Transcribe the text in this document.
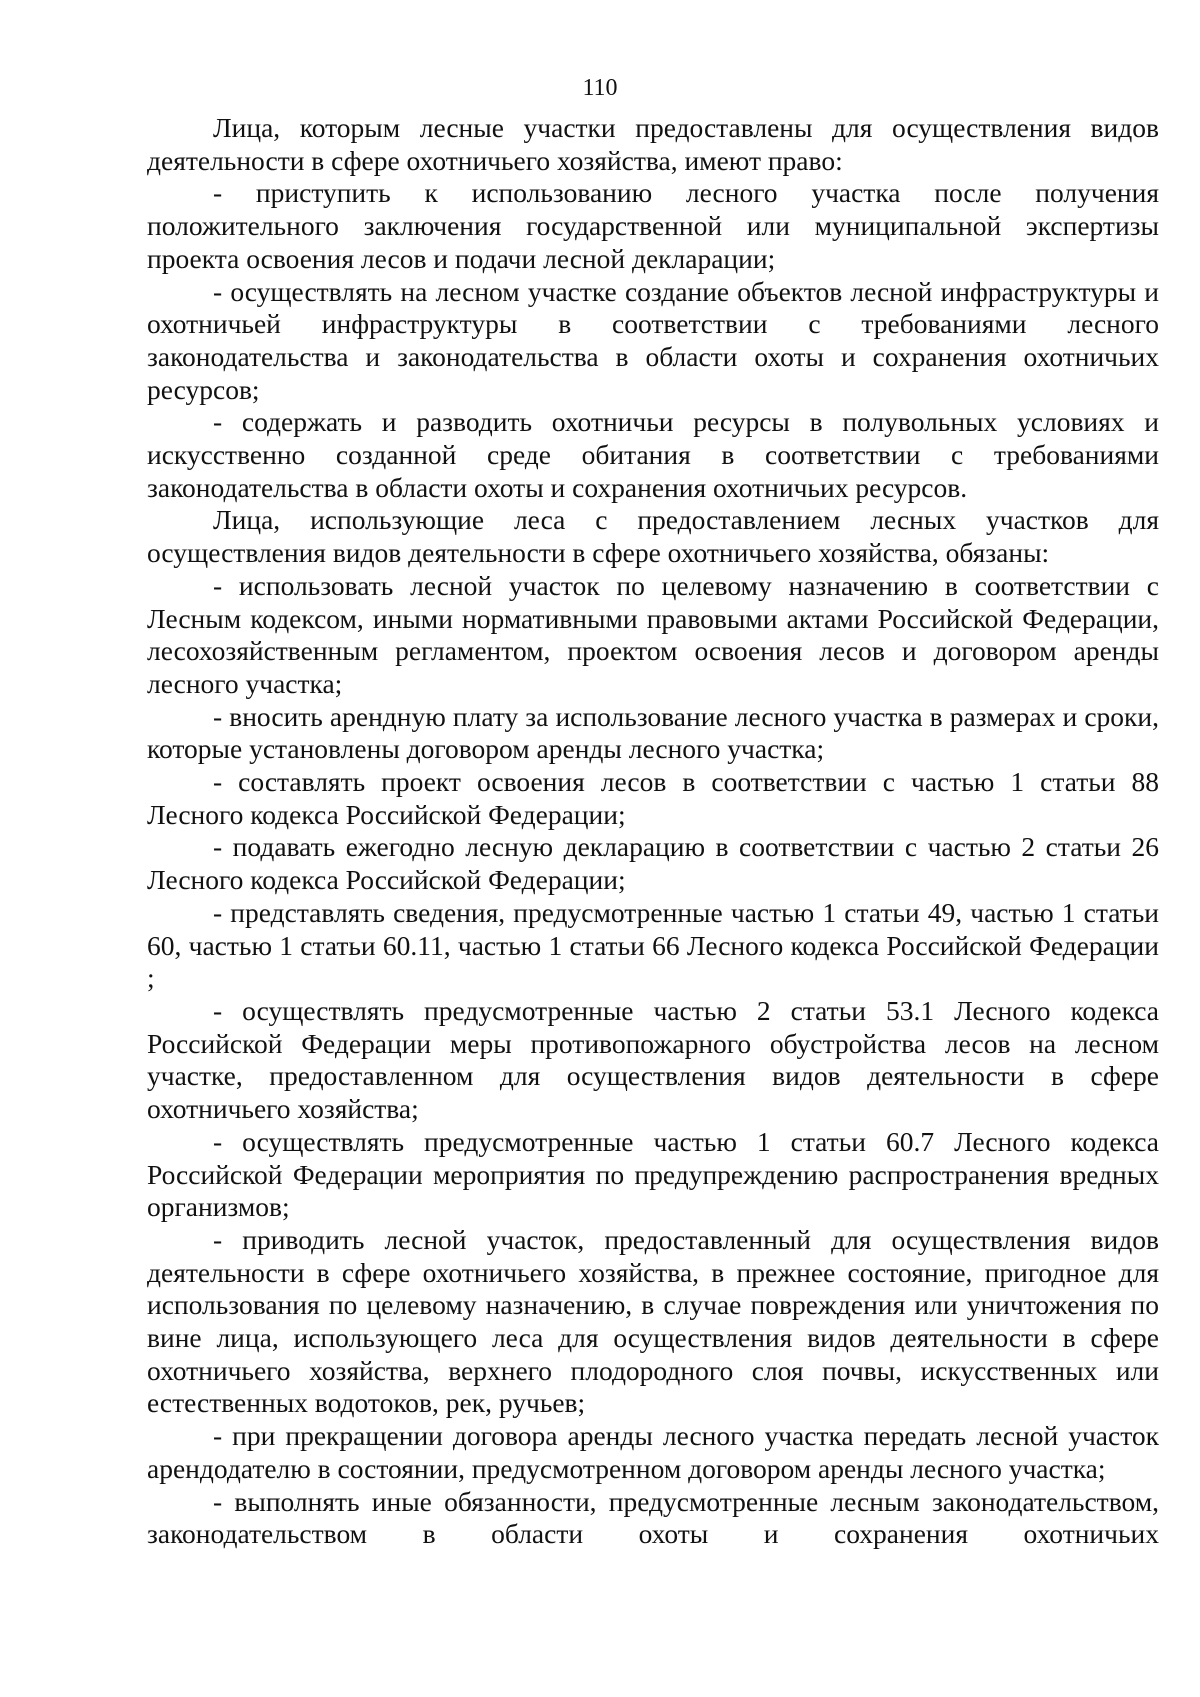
110

Лица, которым лесные участки предоставлены для осуществления видов деятельности в сфере охотничьего хозяйства, имеют право:

- приступить к использованию лесного участка после получения положительного заключения государственной или муниципальной экспертизы проекта освоения лесов и подачи лесной декларации;

- осуществлять на лесном участке создание объектов лесной инфраструктуры и охотничьей инфраструктуры в соответствии с требованиями лесного законодательства и законодательства в области охоты и сохранения охотничьих ресурсов;

- содержать и разводить охотничьи ресурсы в полувольных условиях и искусственно созданной среде обитания в соответствии с требованиями законодательства в области охоты и сохранения охотничьих ресурсов.

Лица, использующие леса с предоставлением лесных участков для осуществления видов деятельности в сфере охотничьего хозяйства, обязаны:

- использовать лесной участок по целевому назначению в соответствии с Лесным кодексом, иными нормативными правовыми актами Российской Федерации, лесохозяйственным регламентом, проектом освоения лесов и договором аренды лесного участка;

- вносить арендную плату за использование лесного участка в размерах и сроки, которые установлены договором аренды лесного участка;

- составлять проект освоения лесов в соответствии с частью 1 статьи 88 Лесного кодекса Российской Федерации;

- подавать ежегодно лесную декларацию в соответствии с частью 2 статьи 26 Лесного кодекса Российской Федерации;

- представлять сведения, предусмотренные частью 1 статьи 49, частью 1 статьи 60, частью 1 статьи 60.11, частью 1 статьи 66 Лесного кодекса Российской Федерации ;

- осуществлять предусмотренные частью 2 статьи 53.1 Лесного кодекса Российской Федерации меры противопожарного обустройства лесов на лесном участке, предоставленном для осуществления видов деятельности в сфере охотничьего хозяйства;

- осуществлять предусмотренные частью 1 статьи 60.7 Лесного кодекса Российской Федерации мероприятия по предупреждению распространения вредных организмов;

- приводить лесной участок, предоставленный для осуществления видов деятельности в сфере охотничьего хозяйства, в прежнее состояние, пригодное для использования по целевому назначению, в случае повреждения или уничтожения по вине лица, использующего леса для осуществления видов деятельности в сфере охотничьего хозяйства, верхнего плодородного слоя почвы, искусственных или естественных водотоков, рек, ручьев;

- при прекращении договора аренды лесного участка передать лесной участок арендодателю в состоянии, предусмотренном договором аренды лесного участка;

- выполнять иные обязанности, предусмотренные лесным законодательством, законодательством в области охоты и сохранения охотничьих
